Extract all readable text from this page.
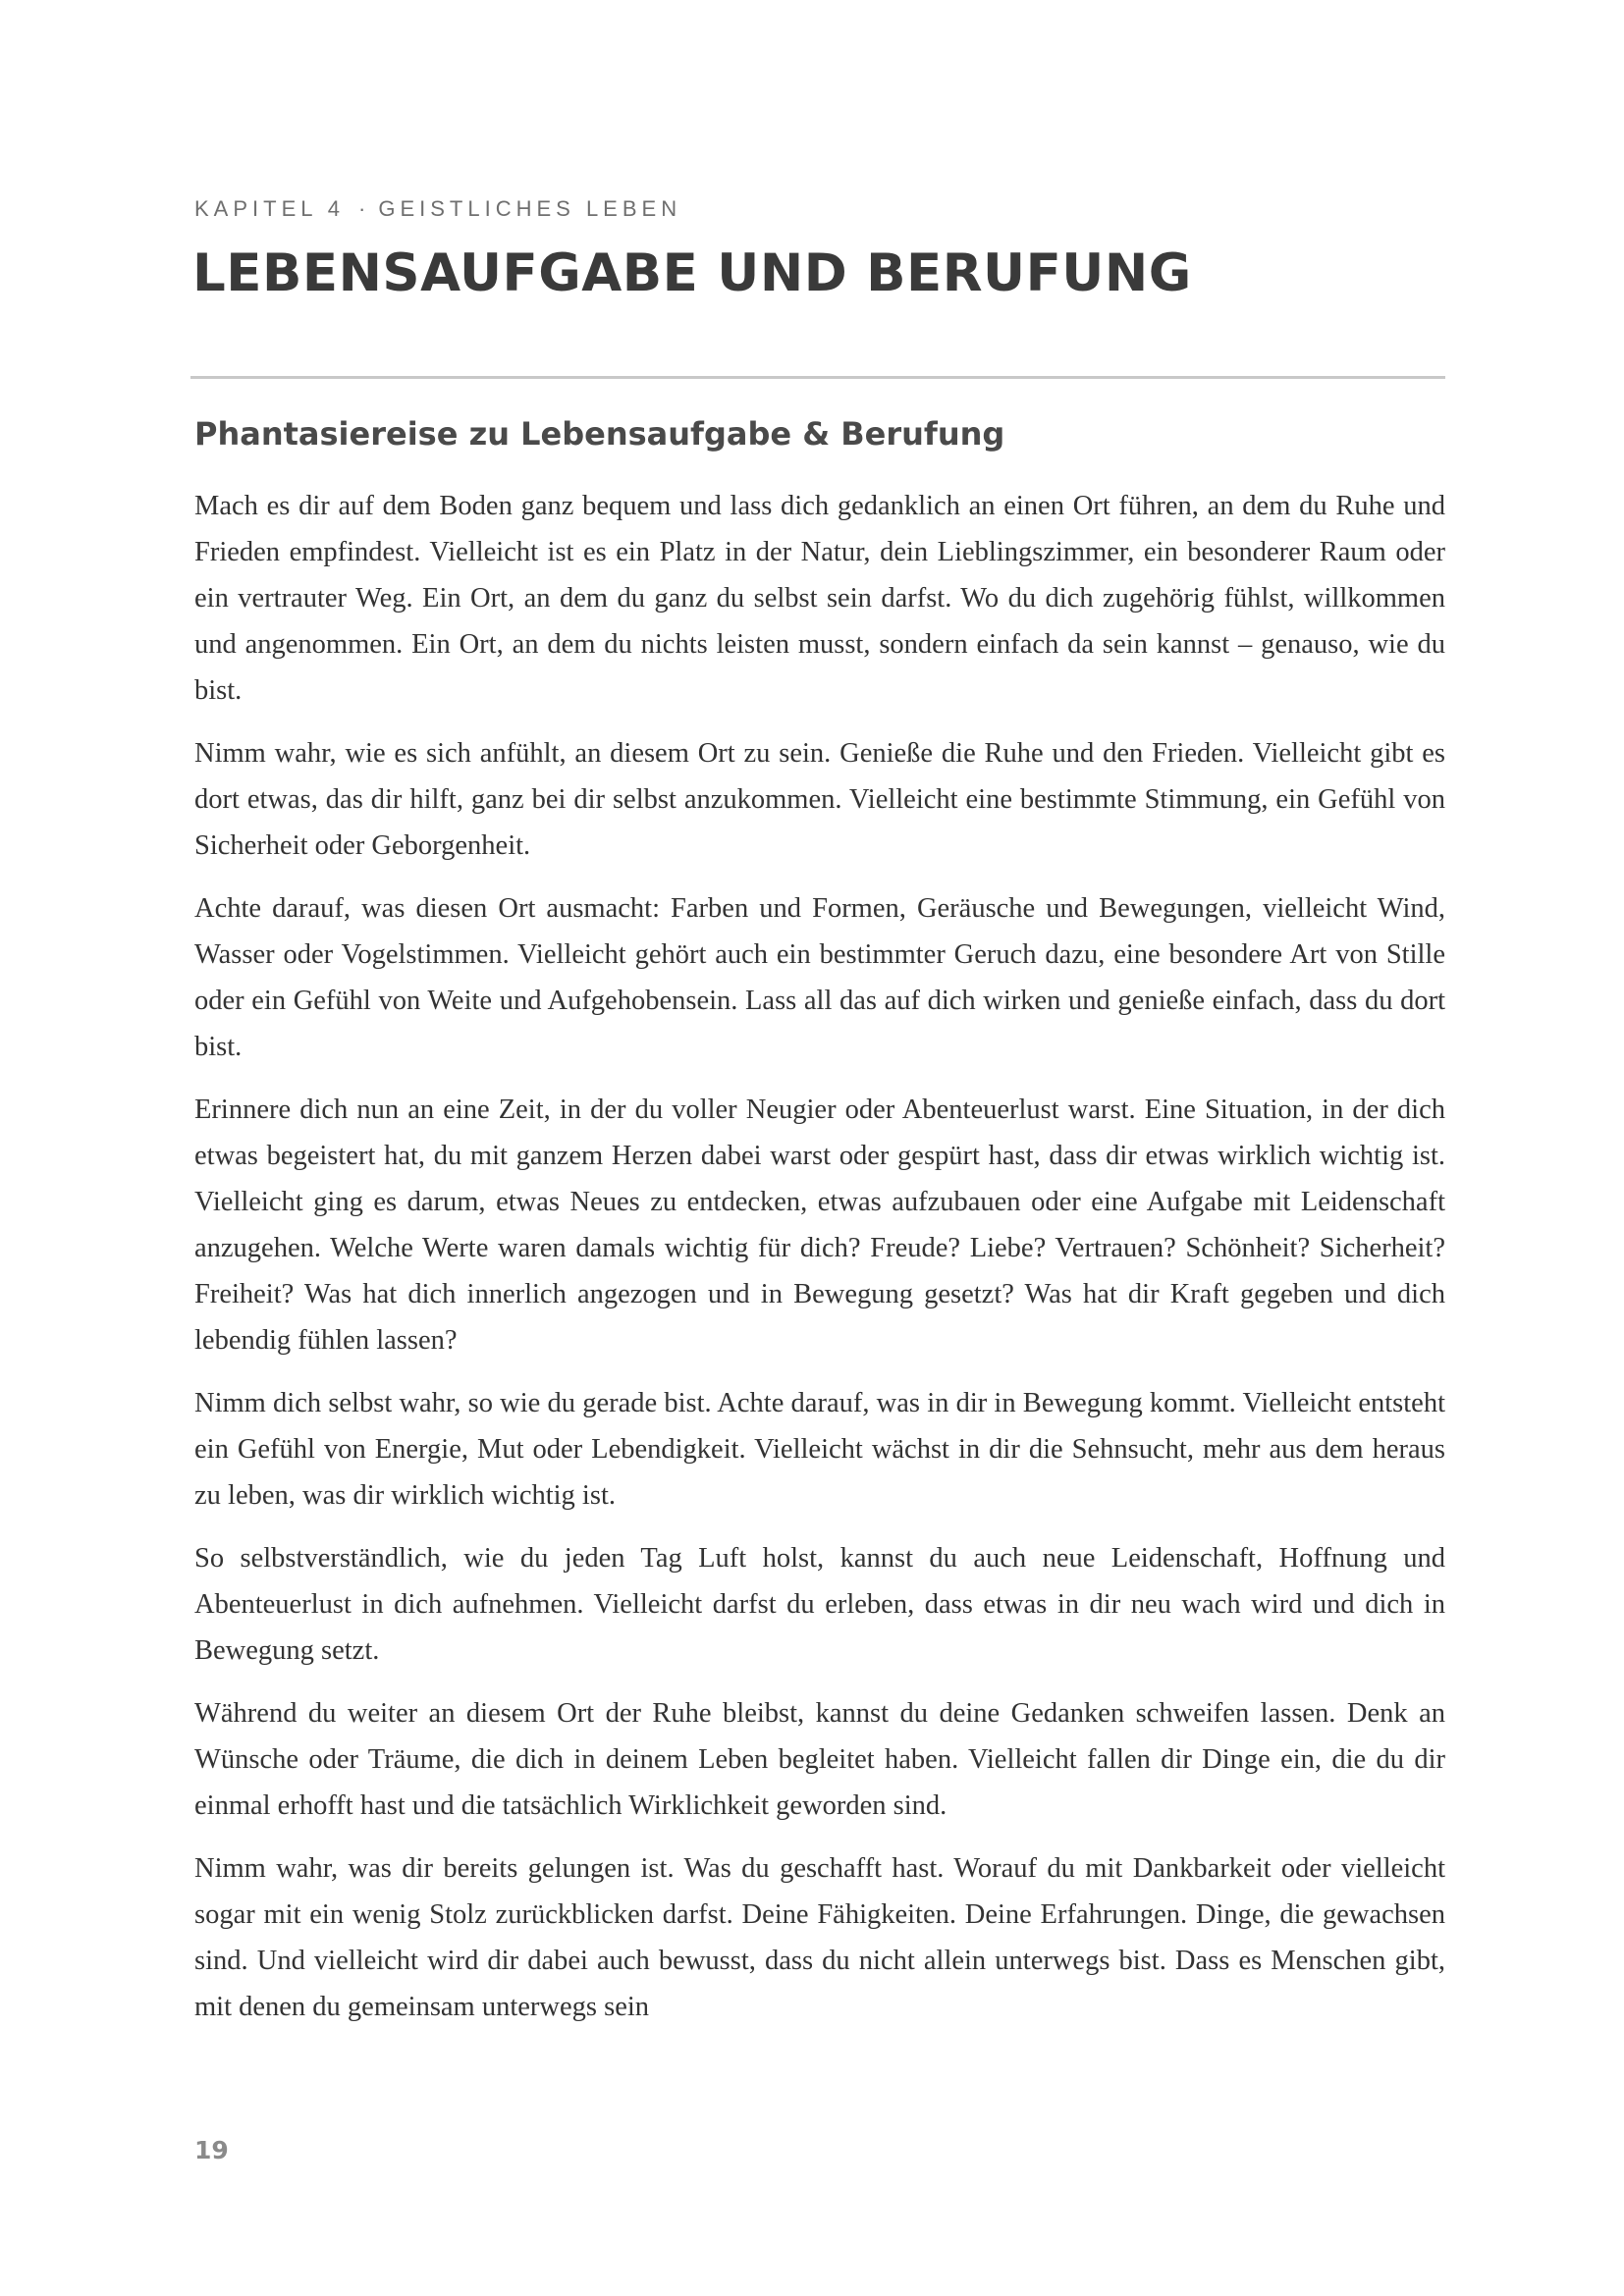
KAPITEL 4 · GEISTLICHES LEBEN
LEBENSAUFGABE UND BERUFUNG
Phantasiereise zu Lebensaufgabe & Berufung

Mach es dir auf dem Boden ganz bequem und lass dich gedanklich an einen Ort führen, an dem du Ruhe und Frieden empfindest. Vielleicht ist es ein Platz in der Natur, dein Lieblingszimmer, ein besonderer Raum oder ein vertrauter Weg. Ein Ort, an dem du ganz du selbst sein darfst. Wo du dich zugehörig fühlst, willkommen und angenommen. Ein Ort, an dem du nichts leisten musst, sondern einfach da sein kannst – genauso, wie du bist.

Nimm wahr, wie es sich anfühlt, an diesem Ort zu sein. Genieße die Ruhe und den Frieden. Vielleicht gibt es dort etwas, das dir hilft, ganz bei dir selbst anzukommen. Vielleicht eine bestimmte Stimmung, ein Gefühl von Sicherheit oder Geborgenheit.

Achte darauf, was diesen Ort ausmacht: Farben und Formen, Geräusche und Bewegungen, vielleicht Wind, Wasser oder Vogelstimmen. Vielleicht gehört auch ein bestimmter Geruch dazu, eine besondere Art von Stille oder ein Gefühl von Weite und Aufgehobensein. Lass all das auf dich wirken und genieße einfach, dass du dort bist.

Erinnere dich nun an eine Zeit, in der du voller Neugier oder Abenteuerlust warst. Eine Situation, in der dich etwas begeistert hat, du mit ganzem Herzen dabei warst oder gespürt hast, dass dir etwas wirklich wichtig ist. Vielleicht ging es darum, etwas Neues zu entdecken, etwas aufzubauen oder eine Aufgabe mit Leidenschaft anzugehen. Welche Werte waren damals wichtig für dich? Freude? Liebe? Vertrauen? Schönheit? Sicherheit? Freiheit? Was hat dich innerlich angezogen und in Bewegung gesetzt? Was hat dir Kraft gegeben und dich lebendig fühlen lassen?

Nimm dich selbst wahr, so wie du gerade bist. Achte darauf, was in dir in Bewegung kommt. Vielleicht entsteht ein Gefühl von Energie, Mut oder Lebendigkeit. Vielleicht wächst in dir die Sehnsucht, mehr aus dem heraus zu leben, was dir wirklich wichtig ist.

So selbstverständlich, wie du jeden Tag Luft holst, kannst du auch neue Leidenschaft, Hoffnung und Abenteuerlust in dich aufnehmen. Vielleicht darfst du erleben, dass etwas in dir neu wach wird und dich in Bewegung setzt.

Während du weiter an diesem Ort der Ruhe bleibst, kannst du deine Gedanken schweifen lassen. Denk an Wünsche oder Träume, die dich in deinem Leben begleitet haben. Vielleicht fallen dir Dinge ein, die du dir einmal erhofft hast und die tatsächlich Wirklichkeit geworden sind.

Nimm wahr, was dir bereits gelungen ist. Was du geschafft hast. Worauf du mit Dankbarkeit oder vielleicht sogar mit ein wenig Stolz zurückblicken darfst. Deine Fähigkeiten. Deine Erfahrungen. Dinge, die gewachsen sind. Und vielleicht wird dir dabei auch bewusst, dass du nicht allein unterwegs bist. Dass es Menschen gibt, mit denen du gemeinsam unterwegs sein

19
